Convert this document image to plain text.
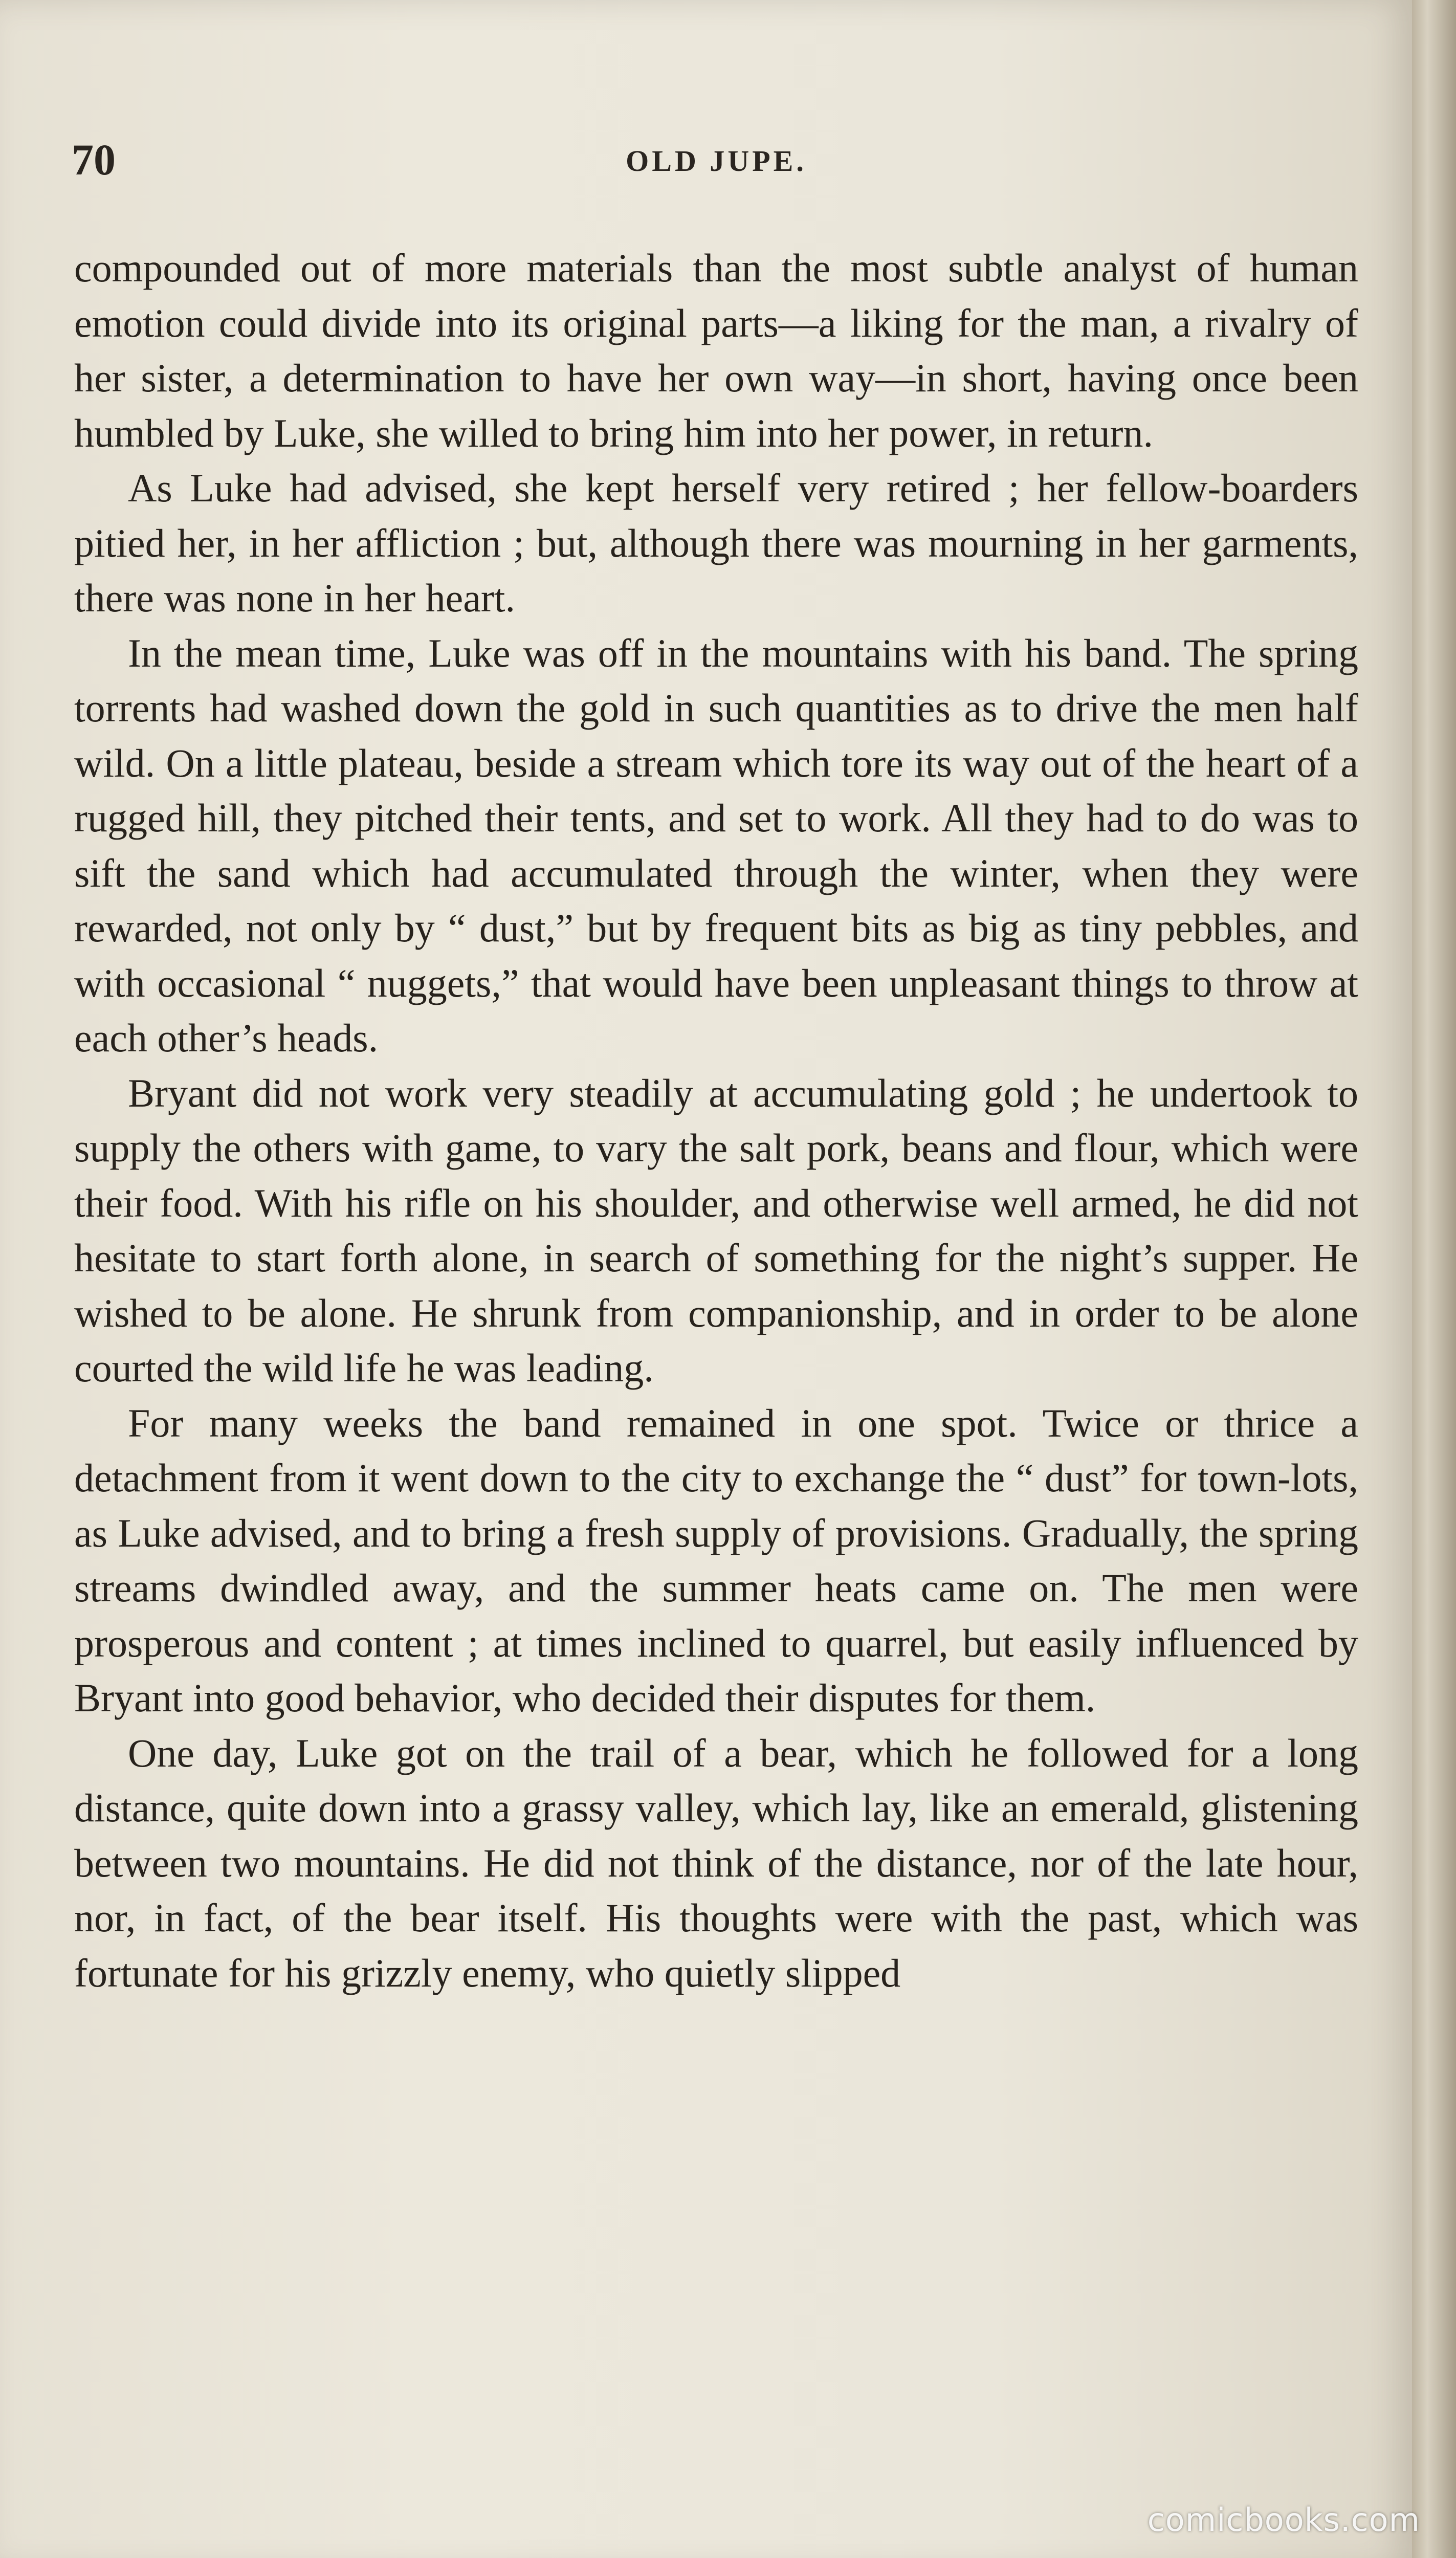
70	OLD JUPE.

compounded out of more materials than the most subtle analyst of human emotion could divide into its original parts—a liking for the man, a rivalry of her sister, a determination to have her own way—in short, having once been humbled by Luke, she willed to bring him into her power, in return.

As Luke had advised, she kept herself very retired ; her fellow-boarders pitied her, in her affliction ; but, although there was mourning in her garments, there was none in her heart.

In the mean time, Luke was off in the mountains with his band. The spring torrents had washed down the gold in such quantities as to drive the men half wild. On a little plateau, beside a stream which tore its way out of the heart of a rugged hill, they pitched their tents, and set to work. All they had to do was to sift the sand which had accumulated through the winter, when they were rewarded, not only by “ dust,” but by frequent bits as big as tiny pebbles, and with occasional “ nuggets,” that would have been unpleasant things to throw at each other’s heads.

Bryant did not work very steadily at accumulating gold ; he undertook to supply the others with game, to vary the salt pork, beans and flour, which were their food. With his rifle on his shoulder, and otherwise well armed, he did not hesitate to start forth alone, in search of something for the night’s supper. He wished to be alone. He shrunk from companionship, and in order to be alone courted the wild life he was leading.

For many weeks the band remained in one spot. Twice or thrice a detachment from it went down to the city to exchange the “ dust” for town-lots, as Luke advised, and to bring a fresh supply of provisions. Gradually, the spring streams dwindled away, and the summer heats came on. The men were prosperous and content ; at times inclined to quarrel, but easily influenced by Bryant into good behavior, who decided their disputes for them.

One day, Luke got on the trail of a bear, which he followed for a long distance, quite down into a grassy valley, which lay, like an emerald, glistening between two mountains. He did not think of the distance, nor of the late hour, nor, in fact, of the bear itself. His thoughts were with the past, which was fortunate for his grizzly enemy, who quietly slipped

comicbooks.com
